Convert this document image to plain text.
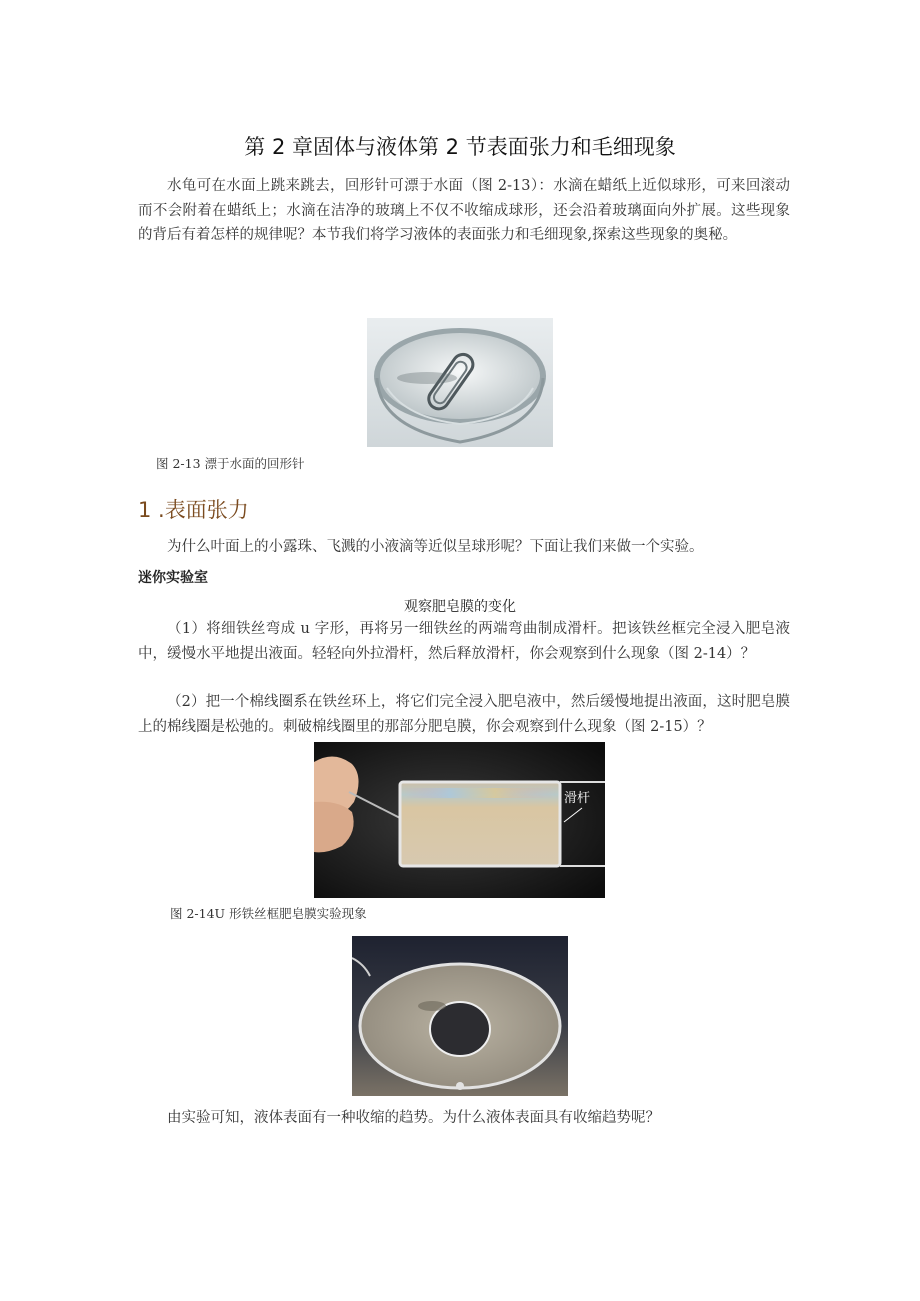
第 2 章固体与液体第 2 节表面张力和毛细现象
水龟可在水面上跳来跳去，回形针可漂于水面（图 2-13）：水滴在蜡纸上近似球形，可来回滚动而不会附着在蜡纸上；水滴在洁净的玻璃上不仅不收缩成球形，还会沿着玻璃面向外扩展。这些现象的背后有着怎样的规律呢？本节我们将学习液体的表面张力和毛细现象,探索这些现象的奥秘。
图 2-13 漂于水面的回形针
1 .表面张力
为什么叶面上的小露珠、飞溅的小液滴等近似呈球形呢？下面让我们来做一个实验。
迷你实验室
观察肥皂膜的变化
（1）将细铁丝弯成 u 字形，再将另一细铁丝的两端弯曲制成滑杆。把该铁丝框完全浸入肥皂液中，缓慢水平地提出液面。轻轻向外拉滑杆，然后释放滑杆，你会观察到什么现象（图 2-14）？
（2）把一个棉线圈系在铁丝环上，将它们完全浸入肥皂液中，然后缓慢地提出液面，这时肥皂膜上的棉线圈是松弛的。刺破棉线圈里的那部分肥皂膜，你会观察到什么现象（图 2-15）？
滑杆
图 2-14U 形铁丝框肥皂膜实验现象
由实验可知，液体表面有一种收缩的趋势。为什么液体表面具有收缩趋势呢？
